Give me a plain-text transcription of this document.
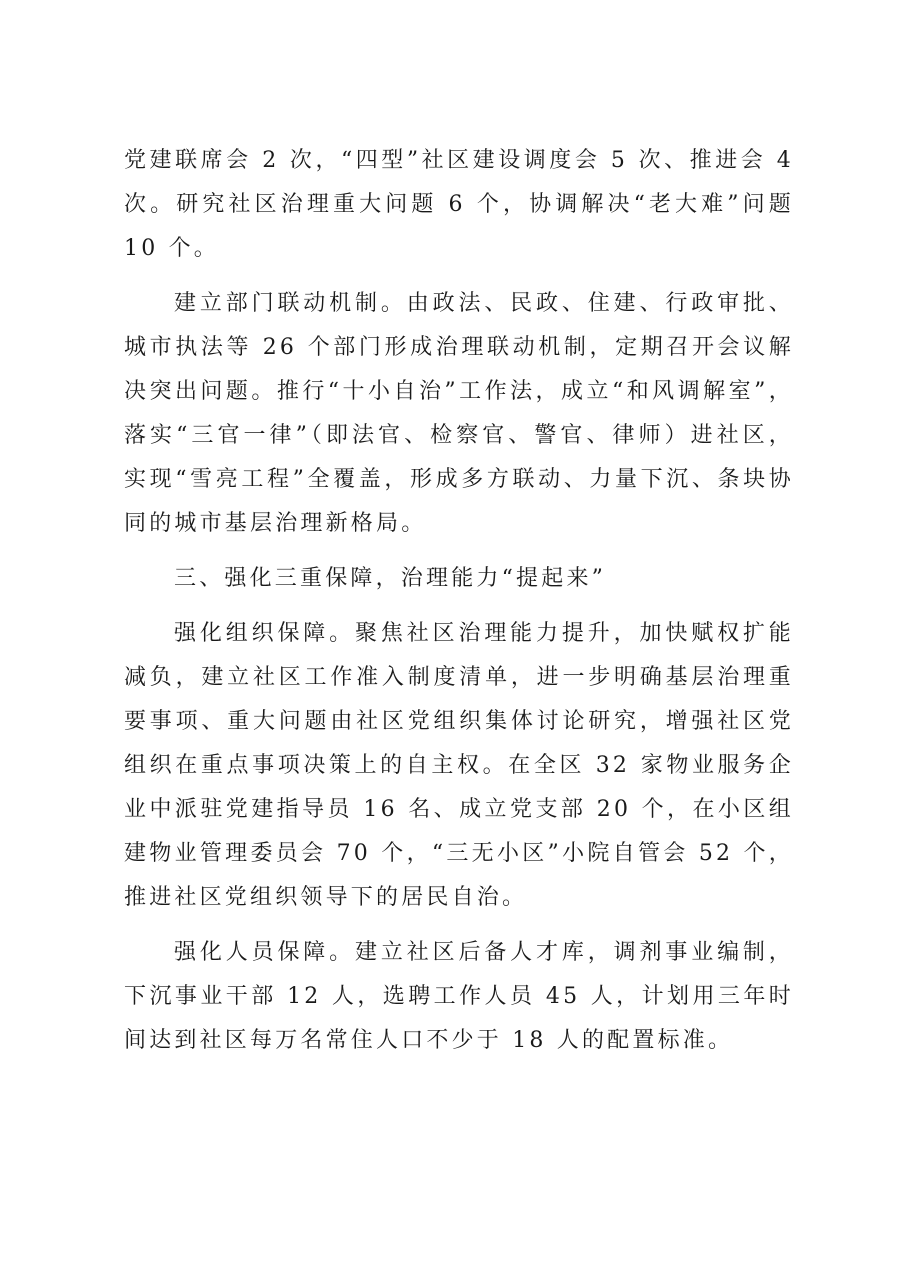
党建联席会 2 次，“四型”社区建设调度会 5 次、推进会 4 次。研究社区治理重大问题 6 个，协调解决“老大难”问题 10 个。

建立部门联动机制。由政法、民政、住建、行政审批、城市执法等 26 个部门形成治理联动机制，定期召开会议解决突出问题。推行“十小自治”工作法，成立“和风调解室”，落实“三官一律”（即法官、检察官、警官、律师）进社区，实现“雪亮工程”全覆盖，形成多方联动、力量下沉、条块协同的城市基层治理新格局。

三、强化三重保障，治理能力“提起来”

强化组织保障。聚焦社区治理能力提升，加快赋权扩能减负，建立社区工作准入制度清单，进一步明确基层治理重要事项、重大问题由社区党组织集体讨论研究，增强社区党组织在重点事项决策上的自主权。在全区 32 家物业服务企业中派驻党建指导员 16 名、成立党支部 20 个，在小区组建物业管理委员会 70 个，“三无小区”小院自管会 52 个，推进社区党组织领导下的居民自治。

强化人员保障。建立社区后备人才库，调剂事业编制，下沉事业干部 12 人，选聘工作人员 45 人，计划用三年时间达到社区每万名常住人口不少于 18 人的配置标准。
